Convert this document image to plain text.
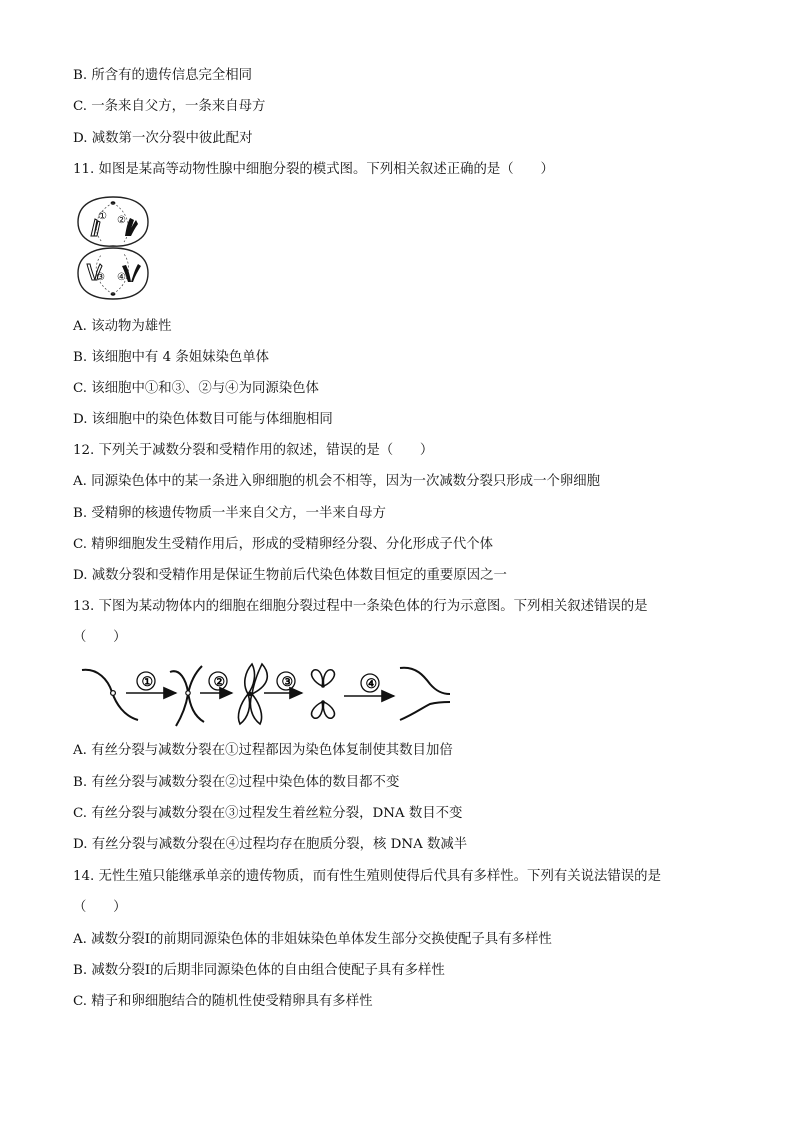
B. 所含有的遗传信息完全相同
C. 一条来自父方，一条来自母方
D. 减数第一次分裂中彼此配对
11. 如图是某高等动物性腺中细胞分裂的模式图。下列相关叙述正确的是（　　）
① ②
③ ④
A. 该动物为雄性
B. 该细胞中有 4 条姐妹染色单体
C. 该细胞中①和③、②与④为同源染色体
D. 该细胞中的染色体数目可能与体细胞相同
12. 下列关于减数分裂和受精作用的叙述，错误的是（　　）
A. 同源染色体中的某一条进入卵细胞的机会不相等，因为一次减数分裂只形成一个卵细胞
B. 受精卵的核遗传物质一半来自父方，一半来自母方
C. 精卵细胞发生受精作用后，形成的受精卵经分裂、分化形成子代个体
D. 减数分裂和受精作用是保证生物前后代染色体数目恒定的重要原因之一
13. 下图为某动物体内的细胞在细胞分裂过程中一条染色体的行为示意图。下列相关叙述错误的是
（　　）
①	②	③	④
A. 有丝分裂与减数分裂在①过程都因为染色体复制使其数目加倍
B. 有丝分裂与减数分裂在②过程中染色体的数目都不变
C. 有丝分裂与减数分裂在③过程发生着丝粒分裂，DNA 数目不变
D. 有丝分裂与减数分裂在④过程均存在胞质分裂，核 DNA 数减半
14. 无性生殖只能继承单亲的遗传物质，而有性生殖则使得后代具有多样性。下列有关说法错误的是
（　　）
A. 减数分裂Ⅰ的前期同源染色体的非姐妹染色单体发生部分交换使配子具有多样性
B. 减数分裂Ⅰ的后期非同源染色体的自由组合使配子具有多样性
C. 精子和卵细胞结合的随机性使受精卵具有多样性
